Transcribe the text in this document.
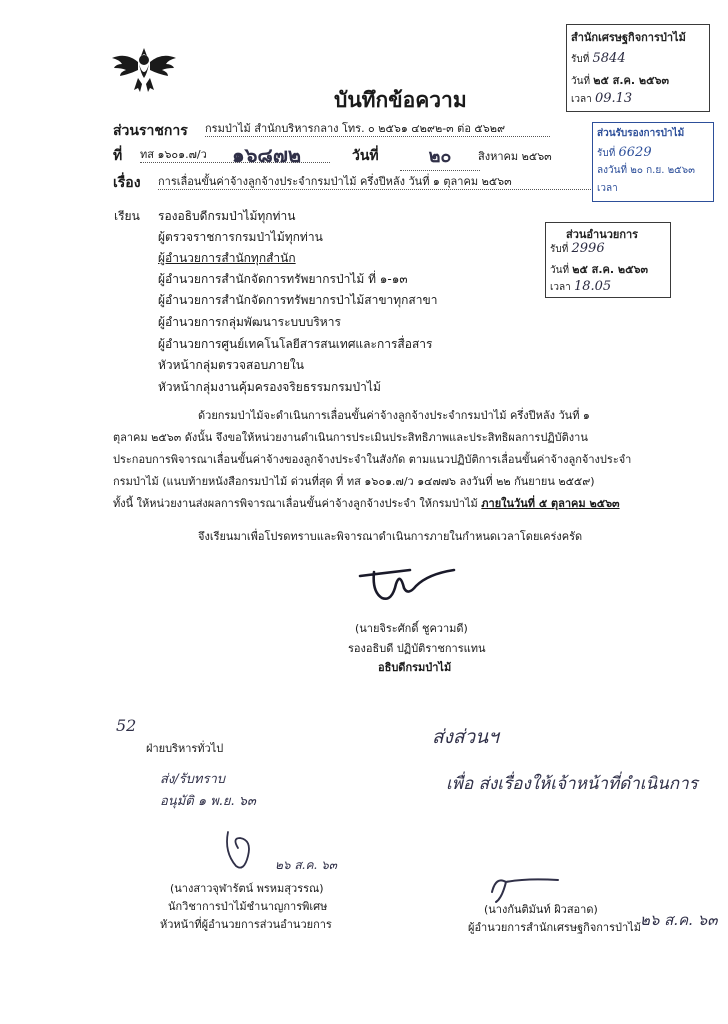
บันทึกข้อความ
ส่วนราชการ กรมป่าไม้ สำนักบริหารกลาง โทร. ๐ ๒๕๖๑ ๔๒๙๒-๓ ต่อ ๕๖๒๙
ที่ ทส ๑๖๐๑.๗/ว	๑๖๘๗๒	วันที่	๒๐	สิงหาคม ๒๕๖๓
เรื่อง การเลื่อนขั้นค่าจ้างลูกจ้างประจำกรมป่าไม้ ครึ่งปีหลัง วันที่ ๑ ตุลาคม ๒๕๖๓
เรียน รองอธิบดีกรมป่าไม้ทุกท่าน
ผู้ตรวจราชการกรมป่าไม้ทุกท่าน
ผู้อำนวยการสำนักทุกสำนัก
ผู้อำนวยการสำนักจัดการทรัพยากรป่าไม้ ที่ ๑-๑๓
ผู้อำนวยการสำนักจัดการทรัพยากรป่าไม้สาขาทุกสาขา
ผู้อำนวยการกลุ่มพัฒนาระบบบริหาร
ผู้อำนวยการศูนย์เทคโนโลยีสารสนเทศและการสื่อสาร
หัวหน้ากลุ่มตรวจสอบภายใน
หัวหน้ากลุ่มงานคุ้มครองจริยธรรมกรมป่าไม้
ด้วยกรมป่าไม้จะดำเนินการเลื่อนขั้นค่าจ้างลูกจ้างประจำกรมป่าไม้ ครึ่งปีหลัง วันที่ ๑
ตุลาคม ๒๕๖๓ ดังนั้น จึงขอให้หน่วยงานดำเนินการประเมินประสิทธิภาพและประสิทธิผลการปฏิบัติงาน
ประกอบการพิจารณาเลื่อนขั้นค่าจ้างของลูกจ้างประจำในสังกัด ตามแนวปฏิบัติการเลื่อนขั้นค่าจ้างลูกจ้างประจำ
กรมป่าไม้ (แนบท้ายหนังสือกรมป่าไม้ ด่วนที่สุด ที่ ทส ๑๖๐๑.๗/ว ๑๔๗๗๖ ลงวันที่ ๒๒ กันยายน ๒๕๕๙)
ทั้งนี้ ให้หน่วยงานส่งผลการพิจารณาเลื่อนขั้นค่าจ้างลูกจ้างประจำ ให้กรมป่าไม้ ภายในวันที่ ๕ ตุลาคม ๒๕๖๓
จึงเรียนมาเพื่อโปรดทราบและพิจารณาดำเนินการภายในกำหนดเวลาโดยเคร่งครัด
(นายจิระศักดิ์ ชูความดี)
รองอธิบดี ปฏิบัติราชการแทน
อธิบดีกรมป่าไม้
สำนักเศรษฐกิจการป่าไม้
รับที่ 5844
วันที่ ๒๕ ส.ค. ๒๕๖๓
เวลา 09.13
ส่วนรับรองการป่าไม้
รับที่ 6629
ลงวันที่ ๒๐ ก.ย. ๒๕๖๓
เวลา
ส่วนอำนวยการ
รับที่ 2996
วันที่ ๒๕ ส.ค. ๒๕๖๓
เวลา 18.05
52
ฝ่ายบริหารทั่วไป
ส่ง/รับทราบ
อนุมัติ ๑ พ.ย. ๖๓
๒๖ ส.ค. ๖๓
(นางสาวจุฬารัตน์ พรหมสุวรรณ)
นักวิชาการป่าไม้ชำนาญการพิเศษ
หัวหน้าที่ผู้อำนวยการส่วนอำนวยการ
ส่งส่วนฯ
เพื่อ ส่งเรื่องให้เจ้าหน้าที่ดำเนินการ
(นางกันติมันท์ ผิวสอาด)
ผู้อำนวยการสำนักเศรษฐกิจการป่าไม้ ๒๖ ส.ค. ๖๓
